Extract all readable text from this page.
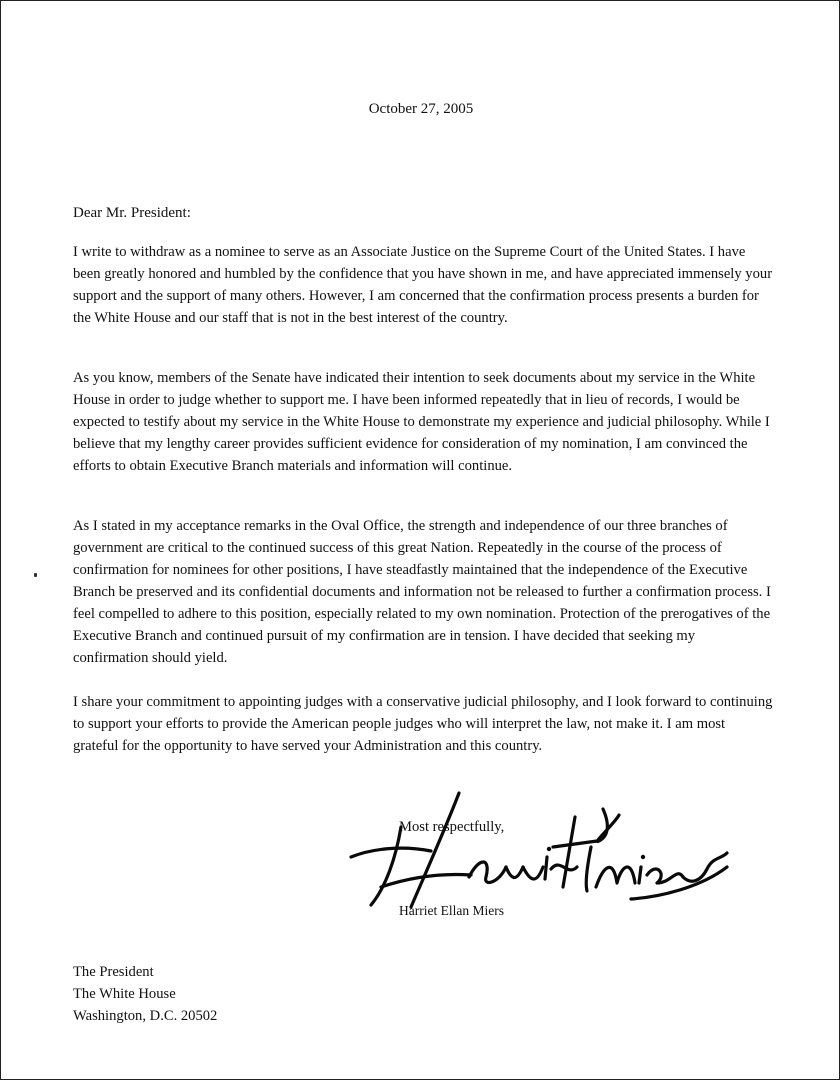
October 27, 2005
Dear Mr. President:
I write to withdraw as a nominee to serve as an Associate Justice on the Supreme Court of the United States. I have been greatly honored and humbled by the confidence that you have shown in me, and have appreciated immensely your support and the support of many others. However, I am concerned that the confirmation process presents a burden for the White House and our staff that is not in the best interest of the country.
As you know, members of the Senate have indicated their intention to seek documents about my service in the White House in order to judge whether to support me. I have been informed repeatedly that in lieu of records, I would be expected to testify about my service in the White House to demonstrate my experience and judicial philosophy. While I believe that my lengthy career provides sufficient evidence for consideration of my nomination, I am convinced the efforts to obtain Executive Branch materials and information will continue.
As I stated in my acceptance remarks in the Oval Office, the strength and independence of our three branches of government are critical to the continued success of this great Nation. Repeatedly in the course of the process of confirmation for nominees for other positions, I have steadfastly maintained that the independence of the Executive Branch be preserved and its confidential documents and information not be released to further a confirmation process. I feel compelled to adhere to this position, especially related to my own nomination. Protection of the prerogatives of the Executive Branch and continued pursuit of my confirmation are in tension. I have decided that seeking my confirmation should yield.
I share your commitment to appointing judges with a conservative judicial philosophy, and I look forward to continuing to support your efforts to provide the American people judges who will interpret the law, not make it. I am most grateful for the opportunity to have served your Administration and this country.
Most respectfully,
Harriet Ellan Miers
The President
The White House
Washington, D.C. 20502
